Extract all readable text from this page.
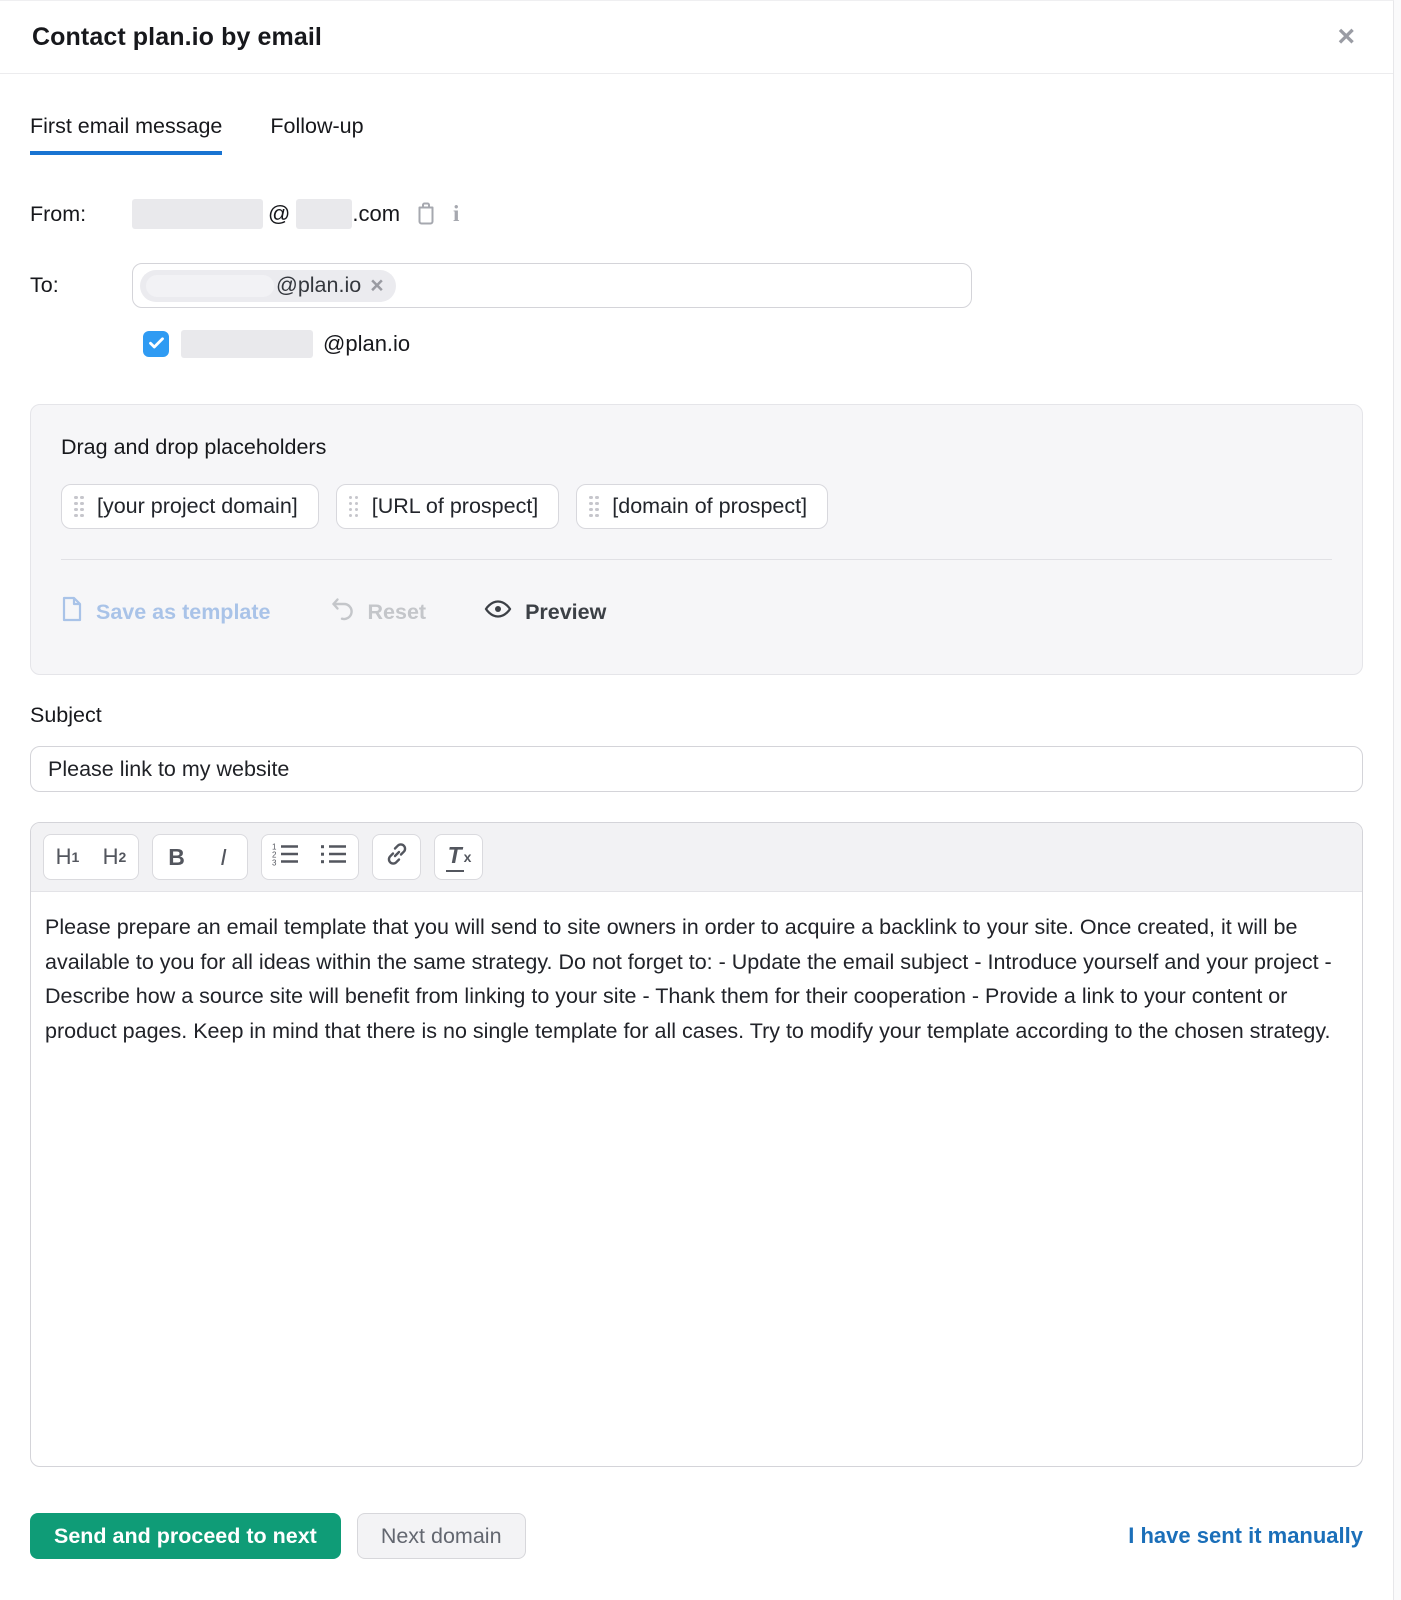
Contact plan.io by email	×
First email message Follow-up
From:	@	.com i
To:	@plan.io ×
@plan.io
Drag and drop placeholders
[your project domain]	[URL of prospect]	[domain of prospect]
Save as template	Reset	Preview
Subject
Please link to my website
H 1 H 2	B	I	1
2
3	T x
Please prepare an email template that you will send to site owners in order to acquire a backlink to your site. Once created, it will be available to you for all ideas within the same strategy. Do not forget to: - Update the email subject - Introduce yourself and your project - Describe how a source site will benefit from linking to your site - Thank them for their cooperation - Provide a link to your content or product pages. Keep in mind that there is no single template for all cases. Try to modify your template according to the chosen strategy.
Send and proceed to next	Next domain	I have sent it manually
